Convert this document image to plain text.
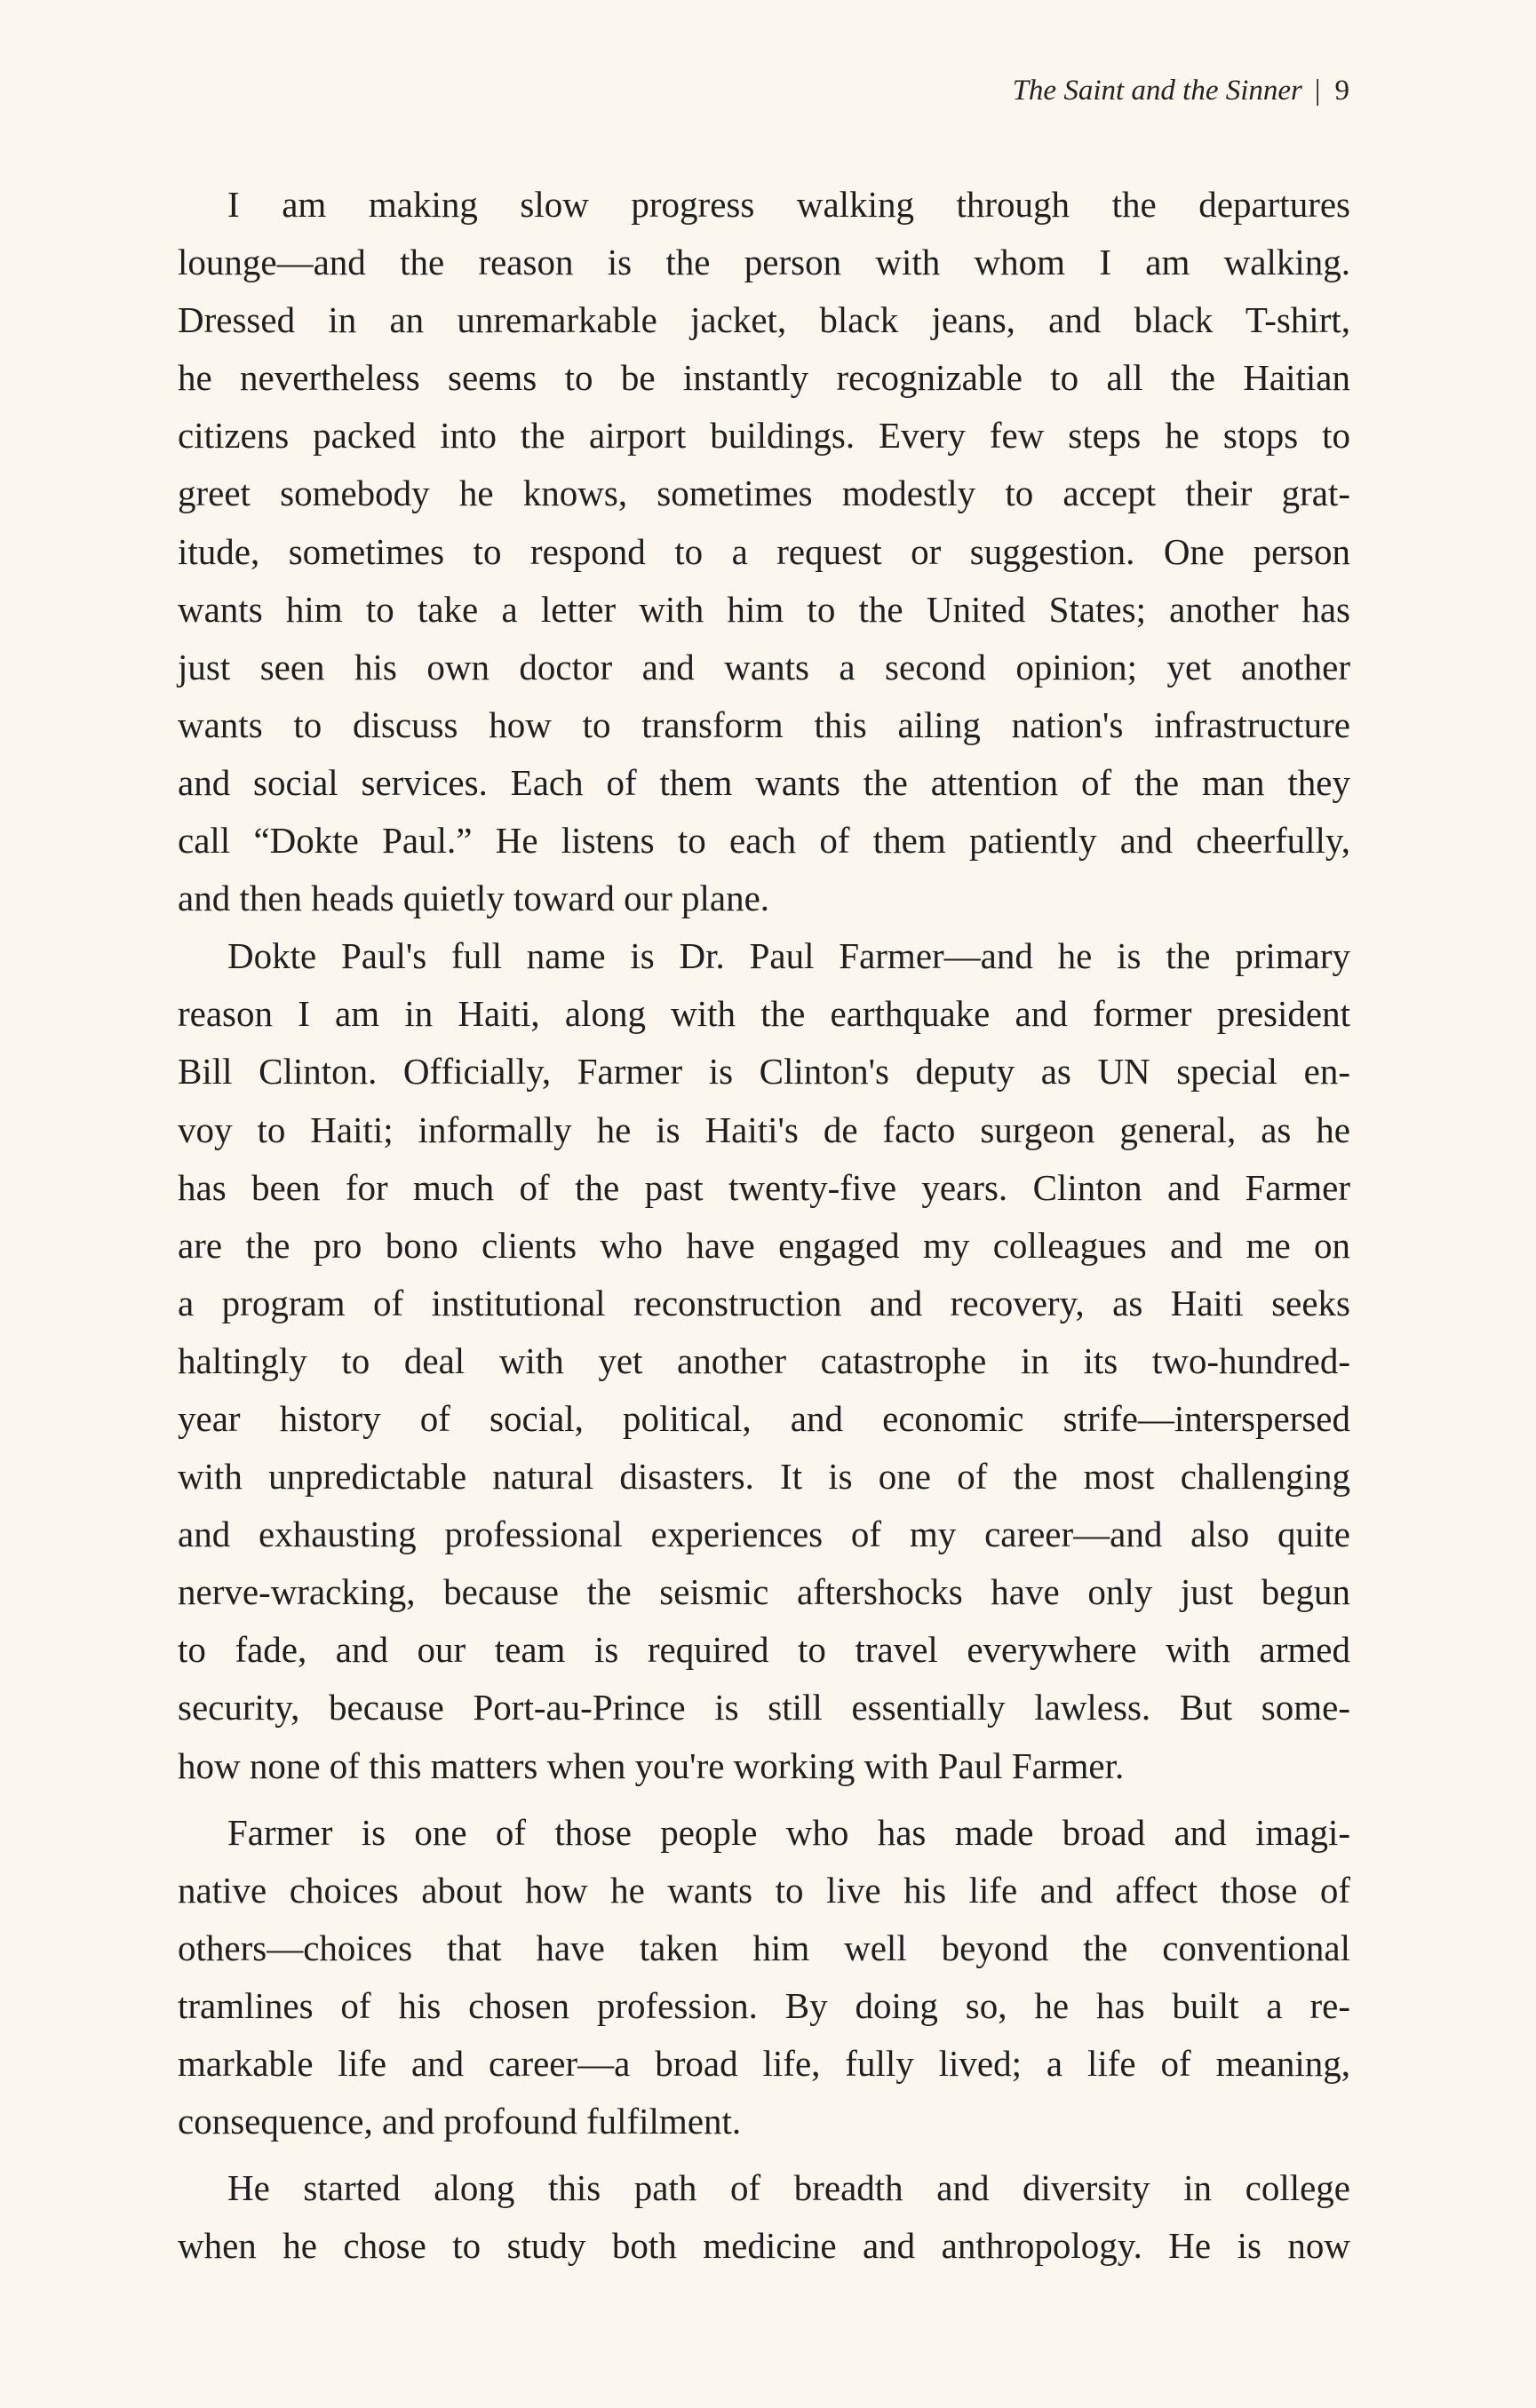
The Saint and the Sinner | 9
I am making slow progress walking through the departures
lounge—and the reason is the person with whom I am walking.
Dressed in an unremarkable jacket, black jeans, and black T-shirt,
he nevertheless seems to be instantly recognizable to all the Haitian
citizens packed into the airport buildings. Every few steps he stops to
greet somebody he knows, sometimes modestly to accept their grat-
itude, sometimes to respond to a request or suggestion. One person
wants him to take a letter with him to the United States; another has
just seen his own doctor and wants a second opinion; yet another
wants to discuss how to transform this ailing nation's infrastructure
and social services. Each of them wants the attention of the man they
call “Dokte Paul.” He listens to each of them patiently and cheerfully,
and then heads quietly toward our plane.
Dokte Paul's full name is Dr. Paul Farmer—and he is the primary
reason I am in Haiti, along with the earthquake and former president
Bill Clinton. Officially, Farmer is Clinton's deputy as UN special en-
voy to Haiti; informally he is Haiti's de facto surgeon general, as he
has been for much of the past twenty-five years. Clinton and Farmer
are the pro bono clients who have engaged my colleagues and me on
a program of institutional reconstruction and recovery, as Haiti seeks
haltingly to deal with yet another catastrophe in its two-hundred-
year history of social, political, and economic strife—interspersed
with unpredictable natural disasters. It is one of the most challenging
and exhausting professional experiences of my career—and also quite
nerve-wracking, because the seismic aftershocks have only just begun
to fade, and our team is required to travel everywhere with armed
security, because Port-au-Prince is still essentially lawless. But some-
how none of this matters when you're working with Paul Farmer.
Farmer is one of those people who has made broad and imagi-
native choices about how he wants to live his life and affect those of
others—choices that have taken him well beyond the conventional
tramlines of his chosen profession. By doing so, he has built a re-
markable life and career—a broad life, fully lived; a life of meaning,
consequence, and profound fulfilment.
He started along this path of breadth and diversity in college
when he chose to study both medicine and anthropology. He is now
